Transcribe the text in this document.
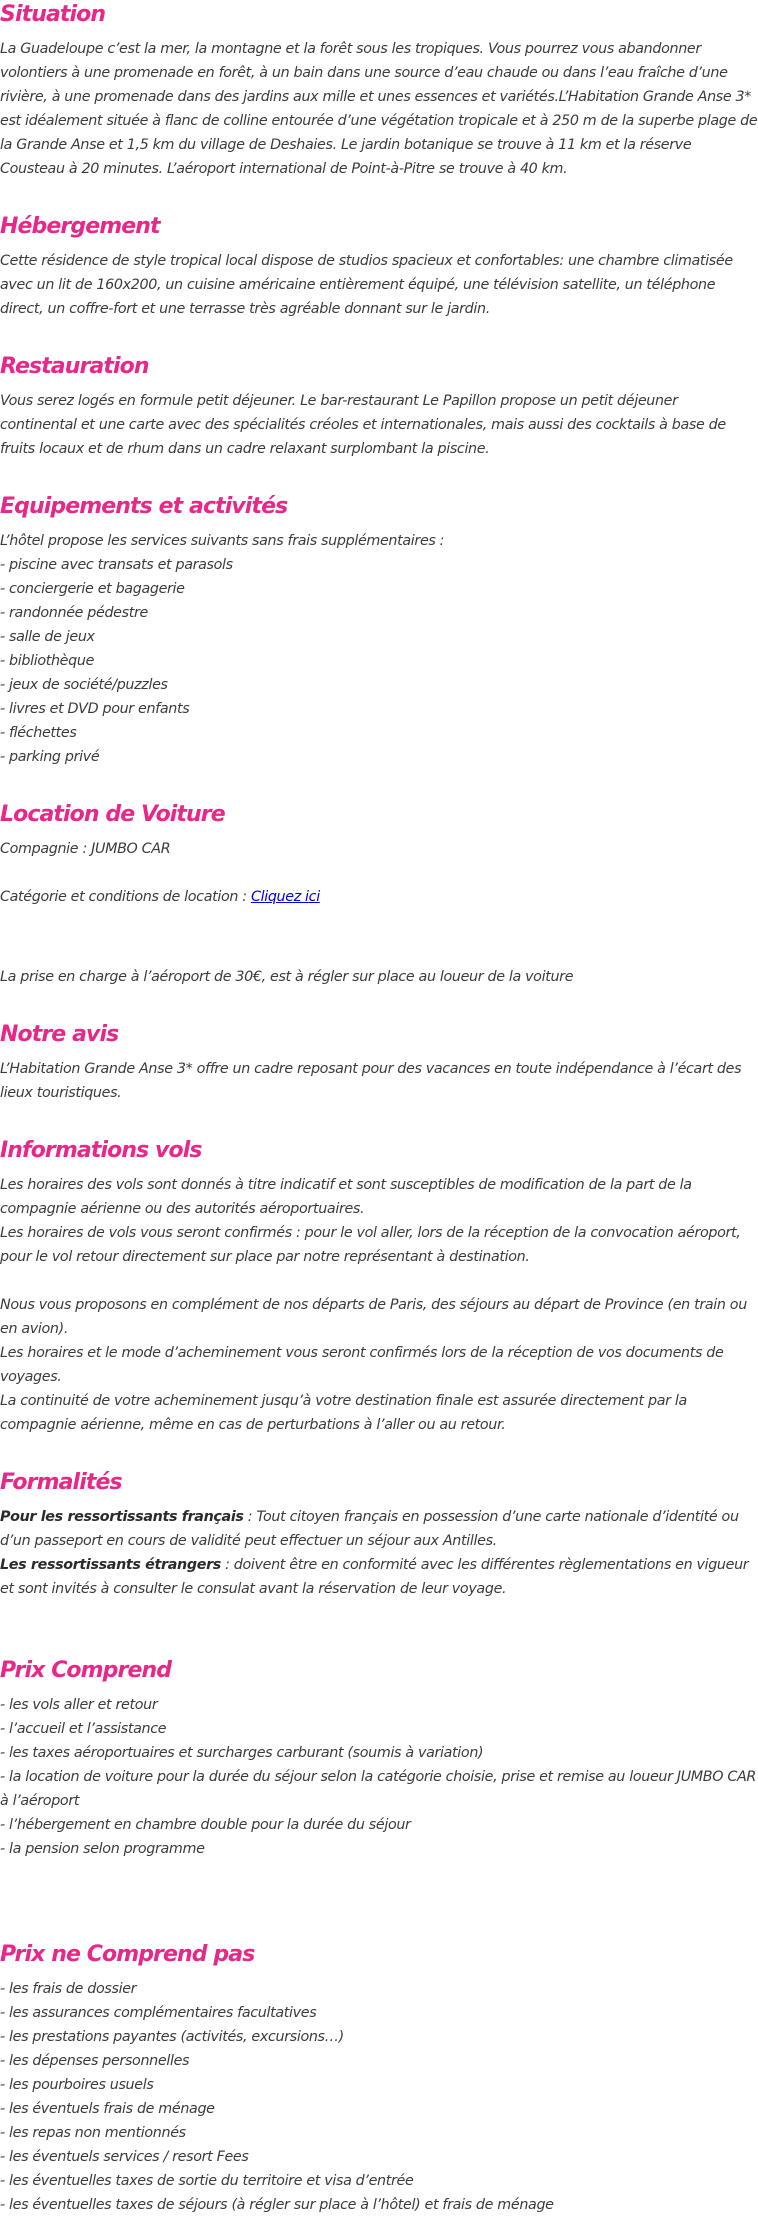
Situation

La Guadeloupe c’est la mer, la montagne et la forêt sous les tropiques. Vous pourrez vous abandonner volontiers à une promenade en forêt, à un bain dans une source d’eau chaude ou dans l’eau fraîche d’une rivière, à une promenade dans des jardins aux mille et unes essences et variétés.L’Habitation Grande Anse 3* est idéalement située à flanc de colline entourée d’une végétation tropicale et à 250 m de la superbe plage de la Grande Anse et 1,5 km du village de Deshaies. Le jardin botanique se trouve à 11 km et la réserve Cousteau à 20 minutes. L’aéroport international de Point-à-Pitre se trouve à 40 km.

Hébergement

Cette résidence de style tropical local dispose de studios spacieux et confortables: une chambre climatisée avec un lit de 160x200, un cuisine américaine entièrement équipé, une télévision satellite, un téléphone direct, un coffre-fort et une terrasse très agréable donnant sur le jardin.

Restauration

Vous serez logés en formule petit déjeuner. Le bar-restaurant Le Papillon propose un petit déjeuner continental et une carte avec des spécialités créoles et internationales, mais aussi des cocktails à base de fruits locaux et de rhum dans un cadre relaxant surplombant la piscine.

Equipements et activités

L’hôtel propose les services suivants sans frais supplémentaires :

- piscine avec transats et parasols

- conciergerie et bagagerie

- randonnée pédestre

- salle de jeux

- bibliothèque

- jeux de société/puzzles

- livres et DVD pour enfants

- fléchettes

- parking privé

Location de Voiture

Compagnie : JUMBO CAR

Catégorie et conditions de location : Cliquez ici

La prise en charge à l’aéroport de 30€, est à régler sur place au loueur de la voiture

Notre avis

L’Habitation Grande Anse 3* offre un cadre reposant pour des vacances en toute indépendance à l’écart des lieux touristiques.

Informations vols

Les horaires des vols sont donnés à titre indicatif et sont susceptibles de modification de la part de la compagnie aérienne ou des autorités aéroportuaires.

Les horaires de vols vous seront confirmés : pour le vol aller, lors de la réception de la convocation aéroport, pour le vol retour directement sur place par notre représentant à destination.

Nous vous proposons en complément de nos départs de Paris, des séjours au départ de Province (en train ou en avion).

Les horaires et le mode d’acheminement vous seront confirmés lors de la réception de vos documents de voyages.

La continuité de votre acheminement jusqu’à votre destination finale est assurée directement par la compagnie aérienne, même en cas de perturbations à l’aller ou au retour.

Formalités

Pour les ressortissants français : Tout citoyen français en possession d’une carte nationale d’identité ou d’un passeport en cours de validité peut effectuer un séjour aux Antilles.

Les ressortissants étrangers : doivent être en conformité avec les différentes règlementations en vigueur et sont invités à consulter le consulat avant la réservation de leur voyage.

Prix Comprend

- les vols aller et retour

- l’accueil et l’assistance

- les taxes aéroportuaires et surcharges carburant (soumis à variation)

- la location de voiture pour la durée du séjour selon la catégorie choisie, prise et remise au loueur JUMBO CAR à l’aéroport

- l’hébergement en chambre double pour la durée du séjour

- la pension selon programme

Prix ne Comprend pas

- les frais de dossier

- les assurances complémentaires facultatives

- les prestations payantes (activités, excursions…)

- les dépenses personnelles

- les pourboires usuels

- les éventuels frais de ménage

- les repas non mentionnés

- les éventuels services / resort Fees

- les éventuelles taxes de sortie du territoire et visa d’entrée

- les éventuelles taxes de séjours (à régler sur place à l’hôtel) et frais de ménage
